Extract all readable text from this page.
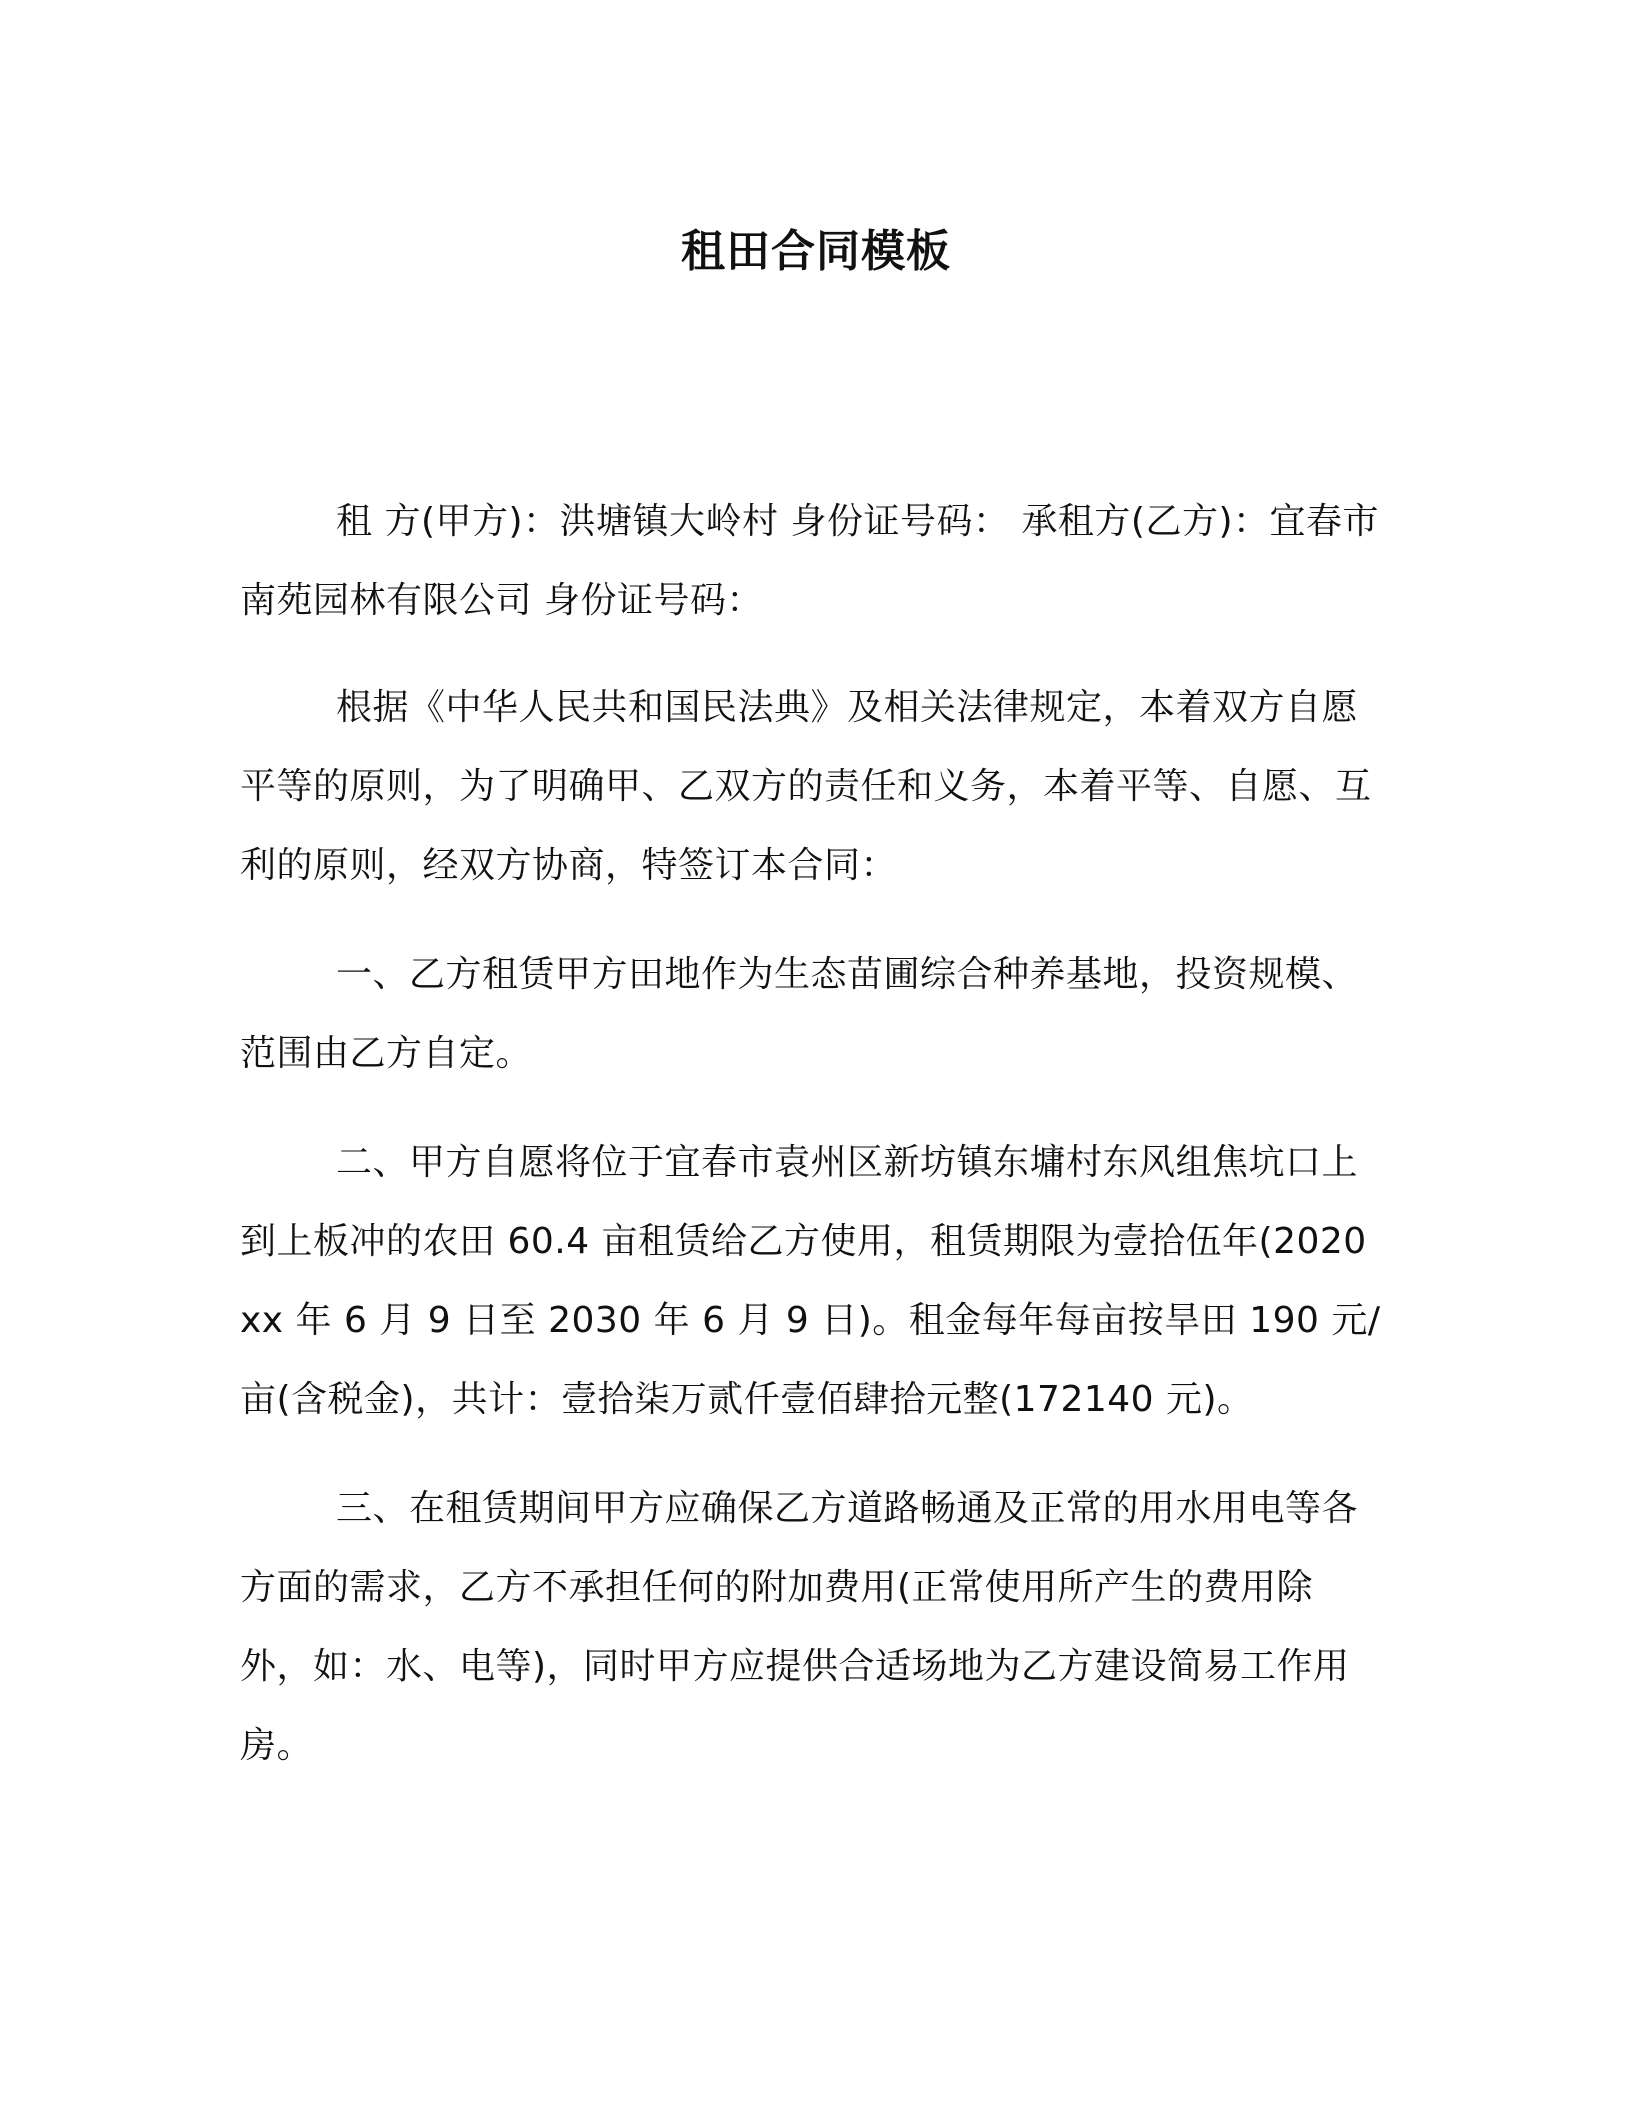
租田合同模板

租 方(甲方)：洪塘镇大岭村 身份证号码： 承租方(乙方)：宜春市南苑园林有限公司 身份证号码：

根据《中华人民共和国民法典》及相关法律规定，本着双方自愿平等的原则，为了明确甲、乙双方的责任和义务，本着平等、自愿、互利的原则，经双方协商，特签订本合同：

一、乙方租赁甲方田地作为生态苗圃综合种养基地，投资规模、范围由乙方自定。

二、甲方自愿将位于宜春市袁州区新坊镇东墉村东风组焦坑口上到上板冲的农田 60.4 亩租赁给乙方使用，租赁期限为壹拾伍年(2020xx 年 6 月 9 日至 2030 年 6 月 9 日)。租金每年每亩按旱田 190 元/亩(含税金)，共计：壹拾柒万贰仟壹佰肆拾元整(172140 元)。

三、在租赁期间甲方应确保乙方道路畅通及正常的用水用电等各方面的需求，乙方不承担任何的附加费用(正常使用所产生的费用除外，如：水、电等)，同时甲方应提供合适场地为乙方建设简易工作用房。
